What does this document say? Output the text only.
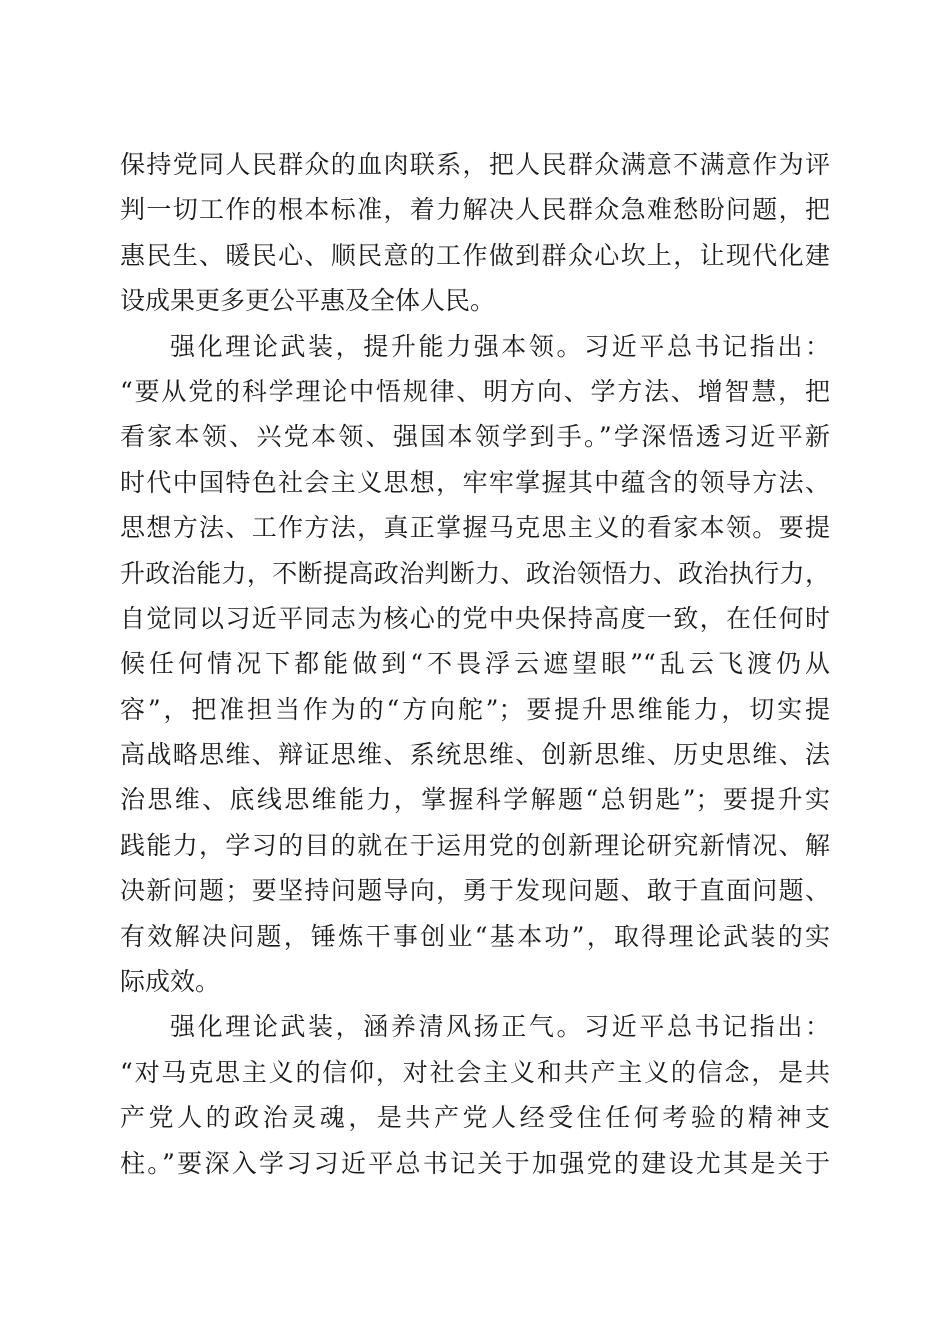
保持党同人民群众的血肉联系，把人民群众满意不满意作为评
判一切工作的根本标准，着力解决人民群众急难愁盼问题，把
惠民生、暖民心、顺民意的工作做到群众心坎上，让现代化建
设成果更多更公平惠及全体人民。
强化理论武装，提升能力强本领。习近平总书记指出：
“要从党的科学理论中悟规律、明方向、学方法、增智慧，把
看家本领、兴党本领、强国本领学到手。”学深悟透习近平新
时代中国特色社会主义思想，牢牢掌握其中蕴含的领导方法、
思想方法、工作方法，真正掌握马克思主义的看家本领。要提
升政治能力，不断提高政治判断力、政治领悟力、政治执行力，
自觉同以习近平同志为核心的党中央保持高度一致，在任何时
候任何情况下都能做到“不畏浮云遮望眼”“乱云飞渡仍从
容”，把准担当作为的“方向舵”；要提升思维能力，切实提
高战略思维、辩证思维、系统思维、创新思维、历史思维、法
治思维、底线思维能力，掌握科学解题“总钥匙”；要提升实
践能力，学习的目的就在于运用党的创新理论研究新情况、解
决新问题；要坚持问题导向，勇于发现问题、敢于直面问题、
有效解决问题，锤炼干事创业“基本功”，取得理论武装的实
际成效。
强化理论武装，涵养清风扬正气。习近平总书记指出：
“对马克思主义的信仰，对社会主义和共产主义的信念，是共
产党人的政治灵魂，是共产党人经受住任何考验的精神支
柱。”要深入学习习近平总书记关于加强党的建设尤其是关于
